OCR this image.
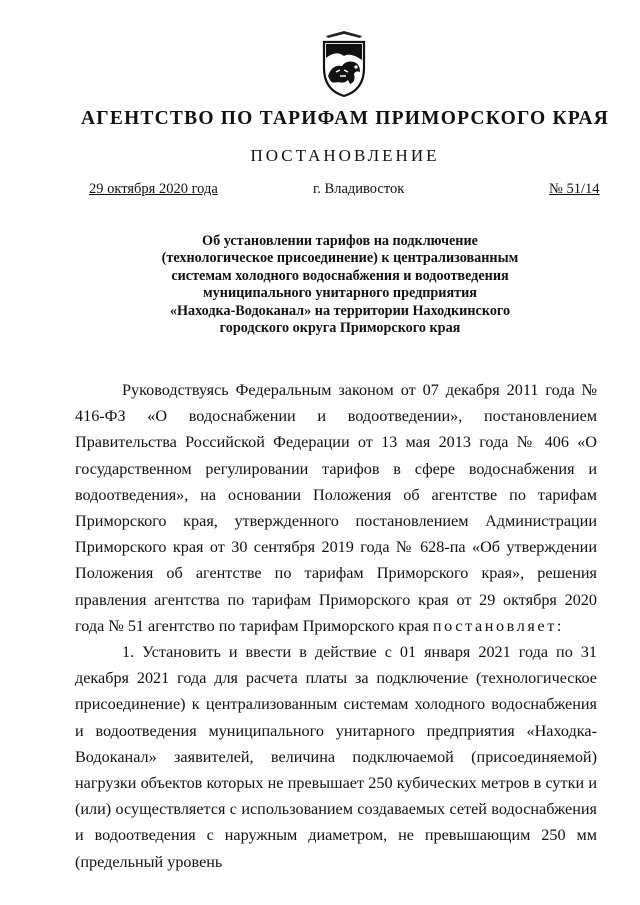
АГЕНТСТВО ПО ТАРИФАМ ПРИМОРСКОГО КРАЯ
ПОСТАНОВЛЕНИЕ
29 октября 2020 года	г. Владивосток	№ 51/14
Об установлении тарифов на подключение
(технологическое присоединение) к централизованным
системам холодного водоснабжения и водоотведения
муниципального унитарного предприятия
«Находка-Водоканал» на территории Находкинского
городского округа Приморского края

Руководствуясь Федеральным законом от 07 декабря 2011 года № 416-ФЗ «О водоснабжении и водоотведении», постановлением Правительства Российской Федерации от 13 мая 2013 года № 406 «О государственном регулировании тарифов в сфере водоснабжения и водоотведения», на основании Положения об агентстве по тарифам Приморского края, утвержденного постановлением Администрации Приморского края от 30 сентября 2019 года № 628-па «Об утверждении Положения об агентстве по тарифам Приморского края», решения правления агентства по тарифам Приморского края от 29 октября 2020 года № 51 агентство по тарифам Приморского края постановляет:

1. Установить и ввести в действие с 01 января 2021 года по 31 декабря 2021 года для расчета платы за подключение (технологическое присоединение) к централизованным системам холодного водоснабжения и водоотведения муниципального унитарного предприятия «Находка-Водоканал» заявителей, величина подключаемой (присоединяемой) нагрузки объектов которых не превышает 250 кубических метров в сутки и (или) осуществляется с использованием создаваемых сетей водоснабжения и водоотведения с наружным диаметром, не превышающим 250 мм (предельный уровень
